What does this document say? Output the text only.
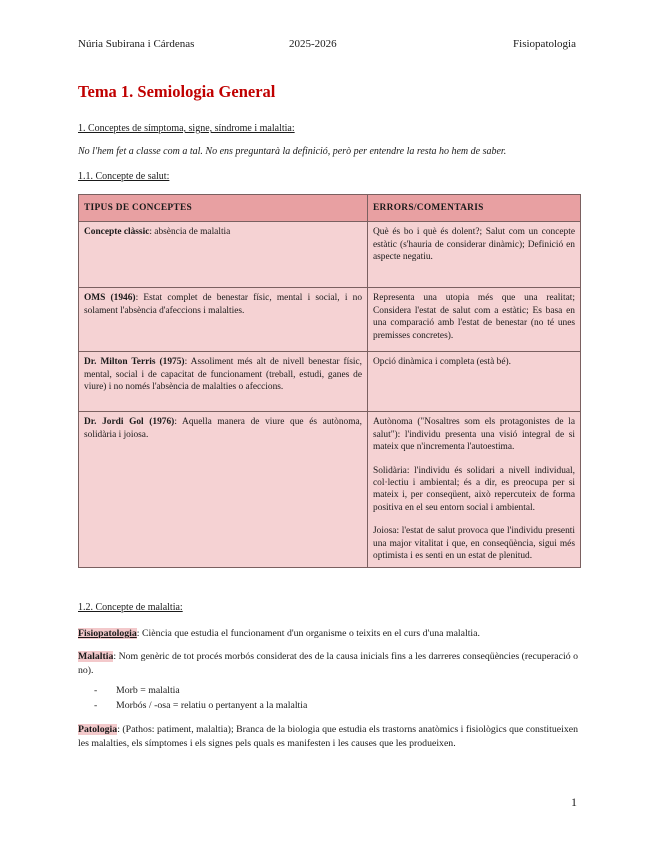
Núria Subirana i Cárdenas	2025-2026	Fisiopatologia
Tema 1. Semiologia General
1. Conceptes de símptoma, signe, síndrome i malaltia:
No l'hem fet a classe com a tal. No ens preguntarà la definició, però per entendre la resta ho hem de saber.
1.1. Concepte de salut:
TIPUS DE CONCEPTES	ERRORS/COMENTARIS
Concepte clàssic: absència de malaltia	Què és bo i què és dolent?; Salut com un concepte estàtic (s'hauria de considerar dinàmic); Definició en aspecte negatiu.

OMS (1946): Estat complet de benestar físic, mental i social, i no solament l'absència d'afeccions i malalties.	Representa una utopia més que una realitat; Considera l'estat de salut com a estàtic; Es basa en una comparació amb l'estat de benestar (no té unes premisses concretes).

Dr. Milton Terris (1975): Assoliment més alt de nivell benestar físic, mental, social i de capacitat de funcionament (treball, estudi, ganes de viure) i no només l'absència de malalties o afeccions.	Opció dinàmica i completa (està bé).

Dr. Jordi Gol (1976): Aquella manera de viure que és autònoma, solidària i joiosa.	Autònoma ("Nosaltres som els protagonistes de la salut"): l'individu presenta una visió integral de si mateix que n'incrementa l'autoestima.

Solidària: l'individu és solidari a nivell individual, col·lectiu i ambiental; és a dir, es preocupa per si mateix i, per conseqüent, això repercuteix de forma positiva en el seu entorn social i ambiental.

Joiosa: l'estat de salut provoca que l'individu presenti una major vitalitat i que, en conseqüència, sigui més optimista i es senti en un estat de plenitud.

1.2. Concepte de malaltia:
Fisiopatologia: Ciència que estudia el funcionament d'un organisme o teixits en el curs d'una malaltia.
Malaltia: Nom genèric de tot procés morbós considerat des de la causa inicials fins a les darreres conseqüències (recuperació o no).
- Morb = malaltia
- Morbós / -osa = relatiu o pertanyent a la malaltia
Patologia: (Pathos: patiment, malaltia); Branca de la biologia que estudia els trastorns anatòmics i fisiològics que constitueixen les malalties, els símptomes i els signes pels quals es manifesten i les causes que les produeixen.
1
